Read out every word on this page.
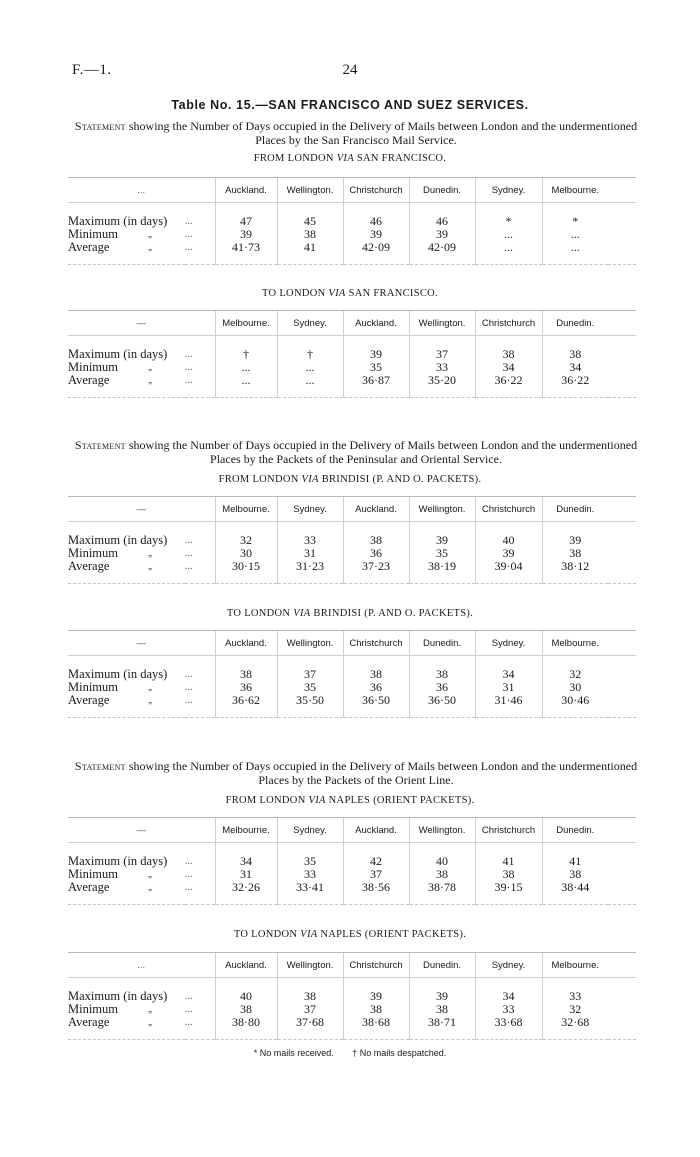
F.—1.	24
Table No. 15.—SAN FRANCISCO AND SUEZ SERVICES.
Statement showing the Number of Days occupied in the Delivery of Mails between London and the undermentioned Places by the San Francisco Mail Service.
FROM LONDON VIA SAN FRANCISCO.
...		Auckland.	Wellington.	Christchurch	Dunedin.	Sydney.	Melbourne.	

Maximum (in days)	...	47	45	46	46	*	*	
Minimum „	...	39	38	39	39	...	...	
Average „	...	41·73	41	42·09	42·09	...	...	

TO LONDON VIA SAN FRANCISCO.
—		Melbourne.	Sydney.	Auckland.	Wellington.	Christchurch	Dunedin.	

Maximum (in days)	...	†	†	39	37	38	38	
Minimum „	...	...	...	35	33	34	34	
Average „	...	...	...	36·87	35·20	36·22	36·22	

Statement showing the Number of Days occupied in the Delivery of Mails between London and the undermentioned Places by the Packets of the Peninsular and Oriental Service.
FROM LONDON VIA BRINDISI (P. AND O. PACKETS).
—		Melbourne.	Sydney.	Auckland.	Wellington.	Christchurch	Dunedin.	

Maximum (in days)	...	32	33	38	39	40	39	
Minimum „	...	30	31	36	35	39	38	
Average „	...	30·15	31·23	37·23	38·19	39·04	38·12	

TO LONDON VIA BRINDISI (P. AND O. PACKETS).
—		Auckland.	Wellington.	Christchurch	Dunedin.	Sydney.	Melbourne.	

Maximum (in days)	...	38	37	38	38	34	32	
Minimum „	...	36	35	36	36	31	30	
Average „	...	36·62	35·50	36·50	36·50	31·46	30·46	

Statement showing the Number of Days occupied in the Delivery of Mails between London and the undermentioned Places by the Packets of the Orient Line.
FROM LONDON VIA NAPLES (ORIENT PACKETS).
—		Melbourne.	Sydney.	Auckland.	Wellington.	Christchurch	Dunedin.	

Maximum (in days)	...	34	35	42	40	41	41	
Minimum „	...	31	33	37	38	38	38	
Average „	...	32·26	33·41	38·56	38·78	39·15	38·44	

TO LONDON VIA NAPLES (ORIENT PACKETS).
...		Auckland.	Wellington.	Christchurch	Dunedin.	Sydney.	Melbourne.	

Maximum (in days)	...	40	38	39	39	34	33	
Minimum „	...	38	37	38	38	33	32	
Average „	...	38·80	37·68	38·68	38·71	33·68	32·68	

* No mails received. † No mails despatched.
